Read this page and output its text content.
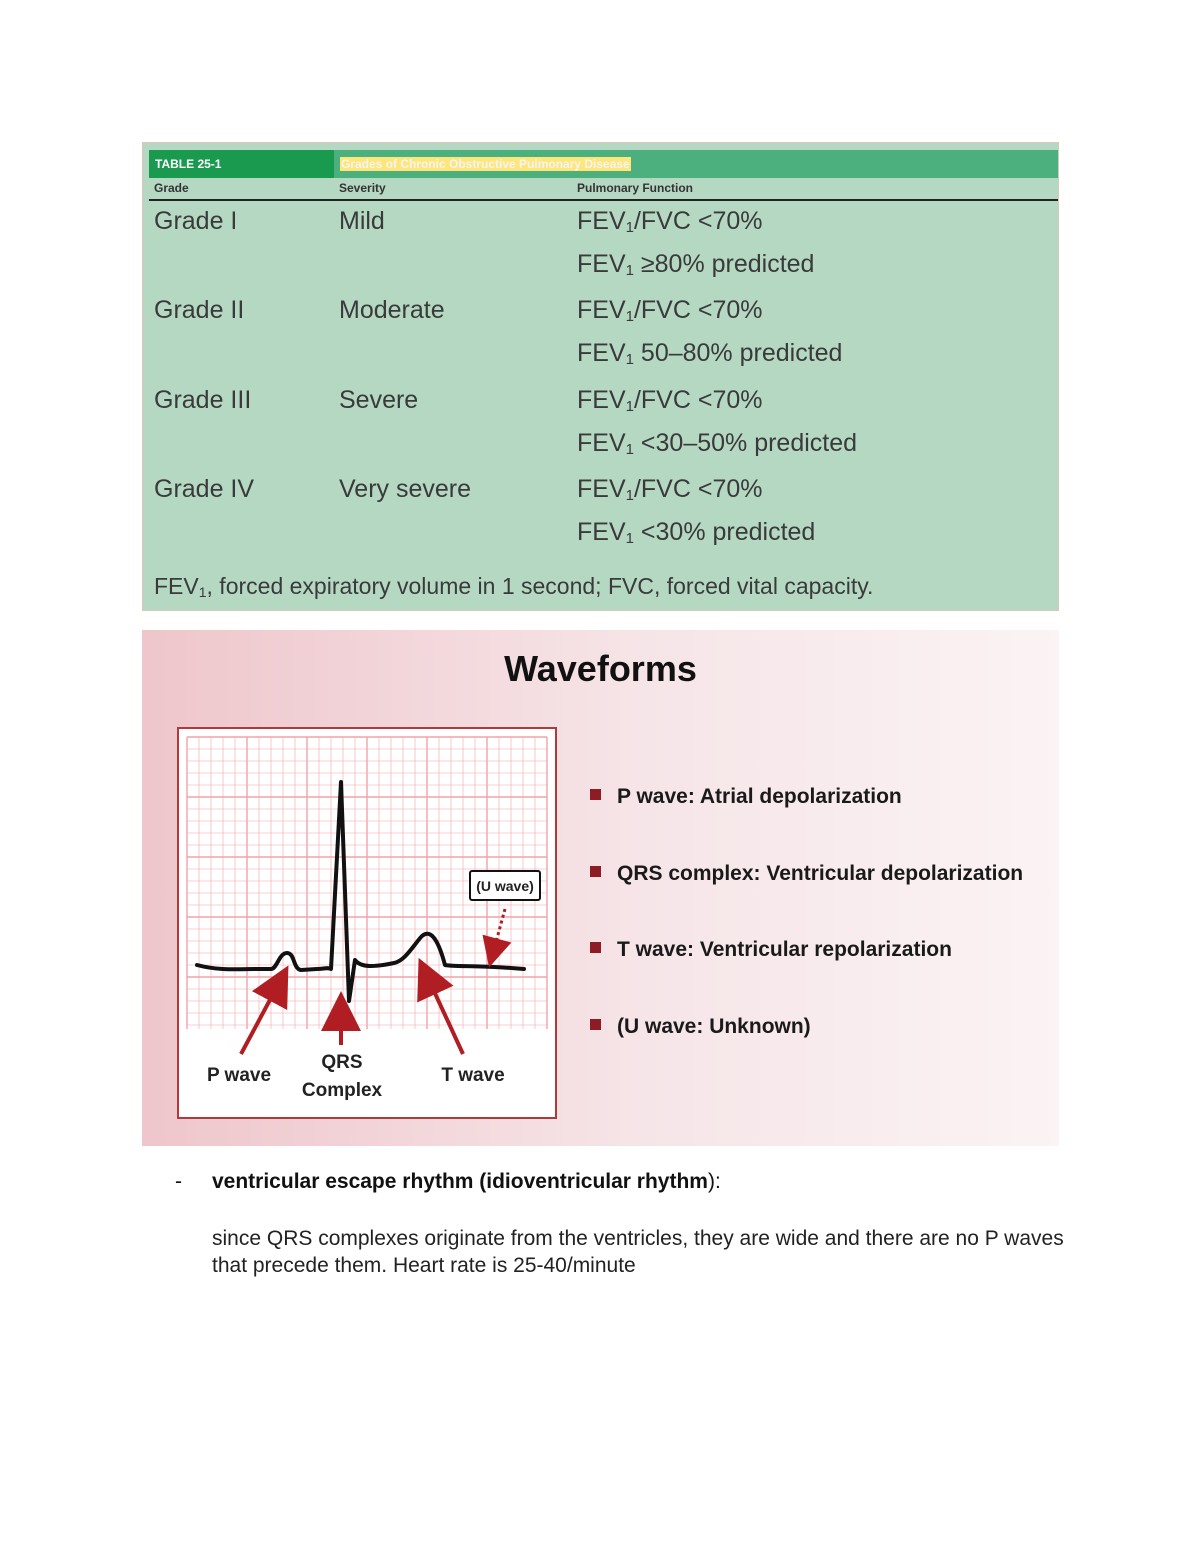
TABLE 25-1	Grades of Chronic Obstructive Pulmonary Disease
Grade	Severity	Pulmonary Function
Grade I	Mild	$FEV_1$/FVC <70%
$FEV_1 \ge 80\%$ predicted
Grade II	Moderate	$FEV_1$/FVC <70%
$FEV_1$ 50–80% predicted
Grade III	Severe	$FEV_1$/FVC <70%
$FEV_1 <30-50\%$ predicted
Grade IV	Very severe	$FEV_1$/FVC <70%
$FEV_1 <30\%$ predicted
$FEV_1$, forced expiratory volume in 1 second; FVC, forced vital capacity.
Waveforms
(U wave)
P wave
QRS
Complex
T wave
P wave: Atrial depolarization
QRS complex: Ventricular depolarization
T wave: Ventricular repolarization
(U wave: Unknown)
- ventricular escape rhythm (idioventricular rhythm):
since QRS complexes originate from the ventricles, they are wide and there are no P waves that precede them. Heart rate is 25-40/minute
